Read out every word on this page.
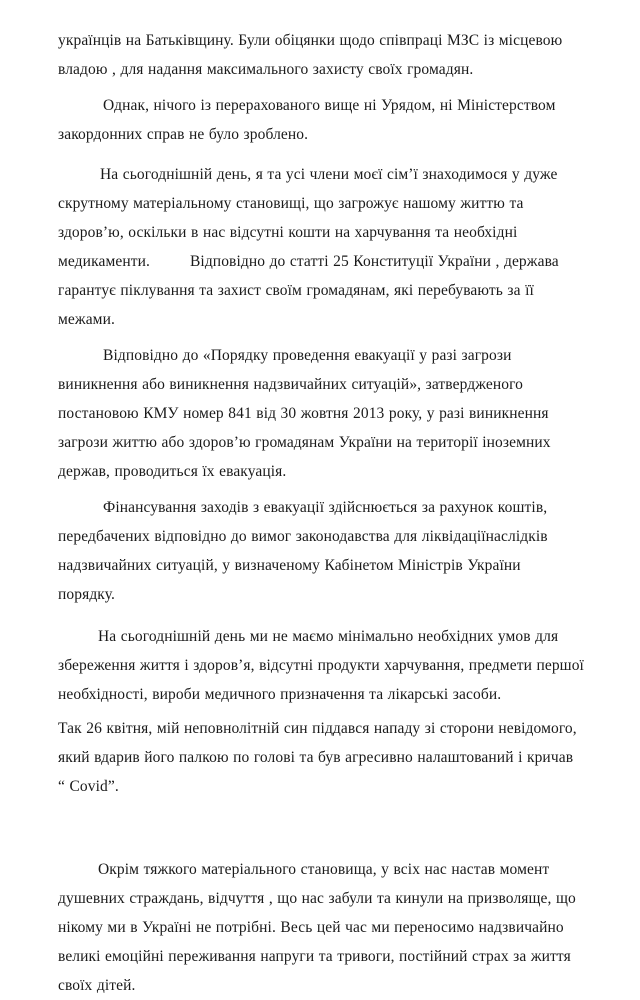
українців на Батьківщину. Були обіцянки щодо співпраці МЗС із місцевою
владою , для надання максимального захисту своїх громадян.

Однак, нічого із перерахованого вище ні Урядом, ні Міністерством
закордонних справ не було зроблено.

На сьогоднішній день, я та усі члени моєї сім’ї знаходимося у дуже
скрутному матеріальному становищі, що загрожує нашому життю та
здоров’ю, оскільки в нас відсутні кошти на харчування та необхідні
медикаменти.	Відповідно до статті 25 Конституції України , держава
гарантує піклування та захист своїм громадянам, які перебувають за її
межами.

Відповідно до «Порядку проведення евакуації у разі загрози
виникнення або виникнення надзвичайних ситуацій», затвердженого
постановою КМУ номер 841 від 30 жовтня 2013 року, у разі виникнення
загрози життю або здоров’ю громадянам України на території іноземних
держав, проводиться їх евакуація.

Фінансування заходів з евакуації здійснюється за рахунок коштів,
передбачених відповідно до вимог законодавства для ліквідаціїнаслідків
надзвичайних ситуацій, у визначеному Кабінетом Міністрів України
порядку.

На сьогоднішній день ми не маємо мінімально необхідних умов для
збереження життя і здоров’я, відсутні продукти харчування, предмети першої
необхідності, вироби медичного призначення та лікарські засоби.

Так 26 квітня, мій неповнолітній син піддався нападу зі сторони невідомого,
який вдарив його палкою по голові та був агресивно налаштований і кричав
“ Covid”.

Окрім тяжкого матеріального становища, у всіх нас настав момент
душевних страждань, відчуття , що нас забули та кинули на призволяще, що
нікому ми в Україні не потрібні. Весь цей час ми переносимо надзвичайно
великі емоційні переживання напруги та тривоги, постійний страх за життя
своїх дітей.
